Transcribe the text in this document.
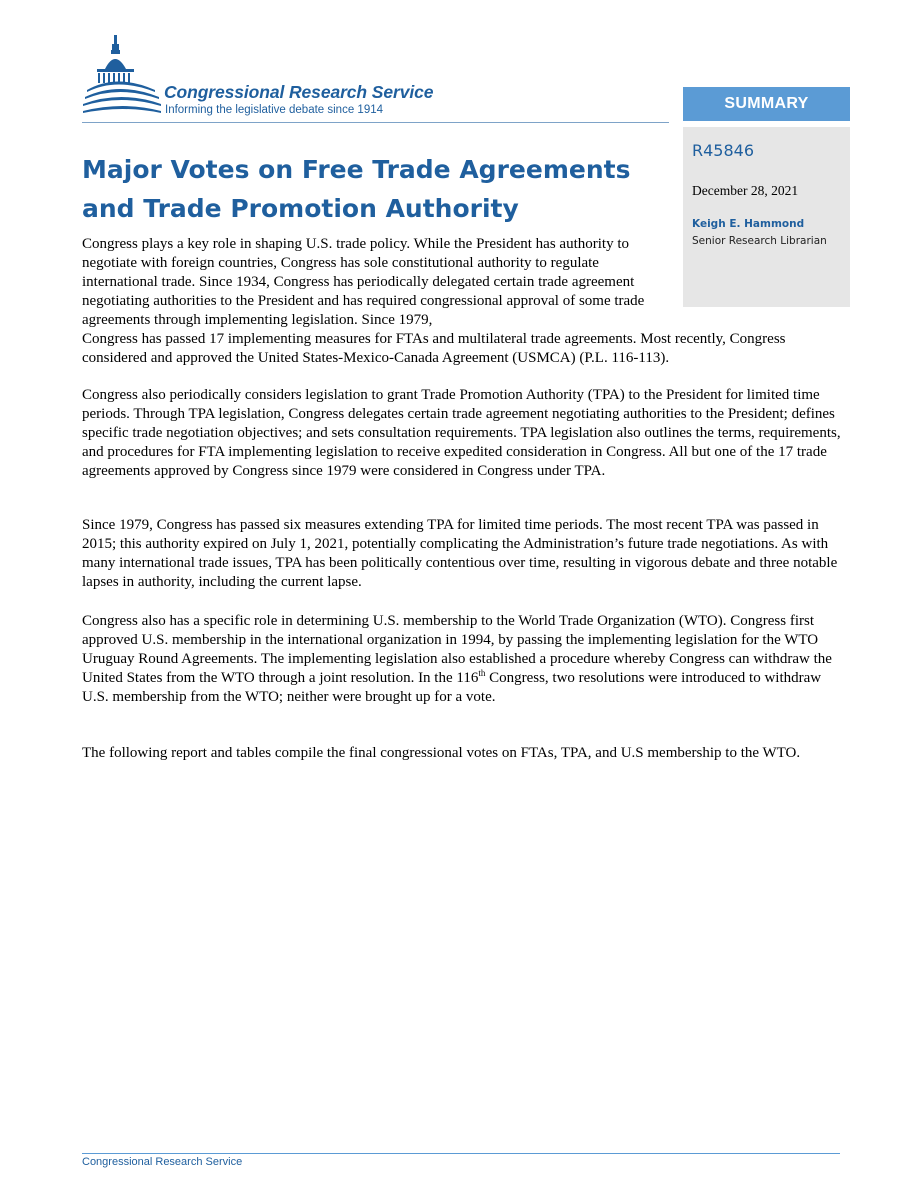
Congressional Research Service
Informing the legislative debate since 1914	SUMMARY
R45846
December 28, 2021
Keigh E. Hammond
Senior Research Librarian
Major Votes on Free Trade Agreements and Trade Promotion Authority

Congress plays a key role in shaping U.S. trade policy. While the President has authority to negotiate with foreign countries, Congress has sole constitutional authority to regulate international trade. Since 1934, Congress has periodically delegated certain trade agreement negotiating authorities to the President and has required congressional approval of some trade agreements through implementing legislation. Since 1979,
Congress has passed 17 implementing measures for FTAs and multilateral trade agreements. Most recently, Congress considered and approved the United States-Mexico-Canada Agreement (USMCA) (P.L. 116-113).

Congress also periodically considers legislation to grant Trade Promotion Authority (TPA) to the President for limited time periods. Through TPA legislation, Congress delegates certain trade agreement negotiating authorities to the President; defines specific trade negotiation objectives; and sets consultation requirements. TPA legislation also outlines the terms, requirements, and procedures for FTA implementing legislation to receive expedited consideration in Congress. All but one of the 17 trade agreements approved by Congress since 1979 were considered in Congress under TPA.

Since 1979, Congress has passed six measures extending TPA for limited time periods. The most recent TPA was passed in 2015; this authority expired on July 1, 2021, potentially complicating the Administration’s future trade negotiations. As with many international trade issues, TPA has been politically contentious over time, resulting in vigorous debate and three notable lapses in authority, including the current lapse.

Congress also has a specific role in determining U.S. membership to the World Trade Organization (WTO). Congress first approved U.S. membership in the international organization in 1994, by passing the implementing legislation for the WTO Uruguay Round Agreements. The implementing legislation also established a procedure whereby Congress can withdraw the United States from the WTO through a joint resolution. In the 116th Congress, two resolutions were introduced to withdraw U.S. membership from the WTO; neither were brought up for a vote.

The following report and tables compile the final congressional votes on FTAs, TPA, and U.S membership to the WTO.

Congressional Research Service
